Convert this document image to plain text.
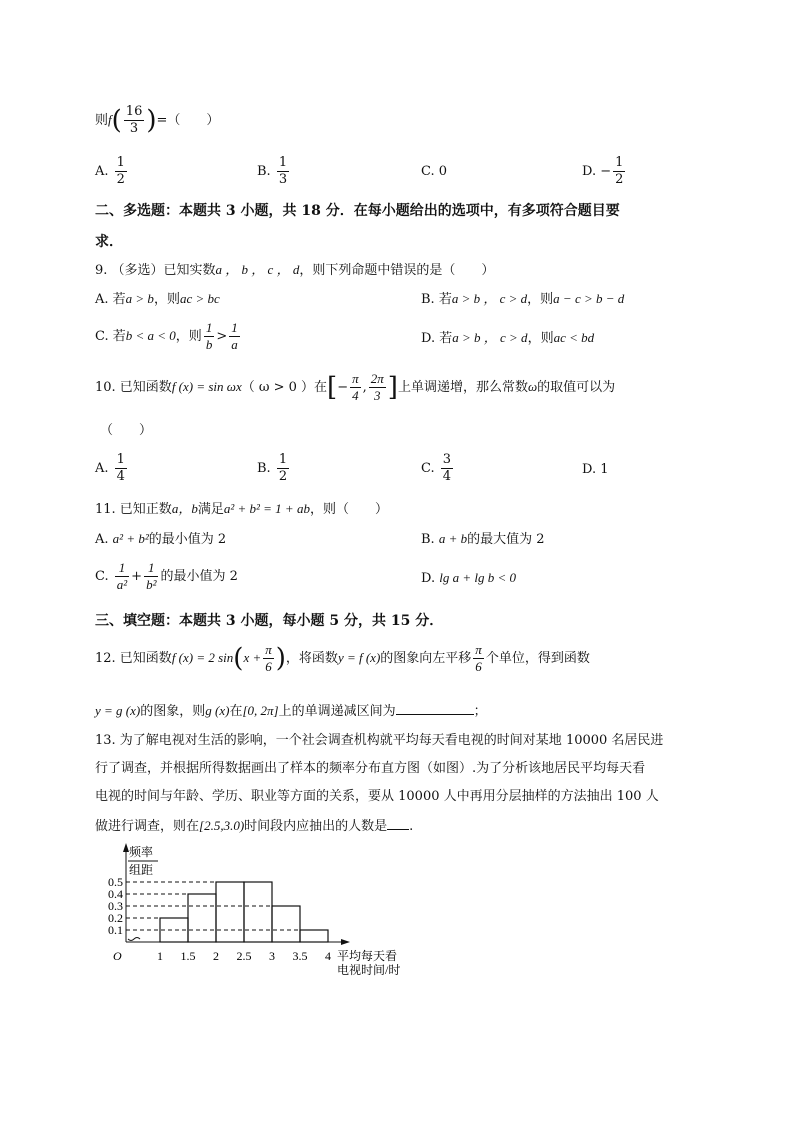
则$f( \frac{16}{3}$ )=（　　）
A. $\frac{1}{2}$	B. $\frac{1}{3}$	C. 0	D. − $\frac{1}{2}$
二、多选题：本题共 3 小题，共 18 分．在每小题给出的选项中，有多项符合题目要
求．
9. （多选）已知实数a ， b ， c ， d，则下列命题中错误的是（　　）
A. 若a > b，则ac > bc	B. 若a > b ， c > d，则a − c > b − d
C. 若b < a < 0，则 $\frac{1}{b} > \frac{1}{a}$	D. 若a > b ， c > d，则ac < bd
10. 已知函数f (x) = sin ωx（ ω > 0 ）在[− $\frac{\pi}{4}$ , $\frac{2\pi}{3}$ ]上单调递增，那么常数ω的取值可以为
（　　）
A. $\frac{1}{4}$	B. $\frac{1}{2}$	C. $\frac{3}{4}$	D. 1
11. 已知正数a，b满足a² + b² = 1 + ab，则（　　）
A. a² + b²的最小值为 2	B. a + b的最大值为 2
C. $\frac{1}{\text{a²}} + \frac{1}{\text{b²}}$ 的最小值为 2	D. lg a + lg b < 0
三、填空题：本题共 3 小题，每小题 5 分，共 15 分．
12. 已知函数f (x) = 2 $\sin(x + \frac{\pi}{6}$ )，将函数y = f (x)的图象向左平移 $\frac{\pi}{6}$ 个单位，得到函数
y = g (x)的图象，则g (x)在[0, 2π]上的单调递减区间为	；
13. 为了解电视对生活的影响，一个社会调查机构就平均每天看电视的时间对某地 10000 名居民进
行了调查，并根据所得数据画出了样本的频率分布直方图（如图）.为了分析该地居民平均每天看
电视的时间与年龄、学历、职业等方面的关系，要从 10000 人中再用分层抽样的方法抽出 100 人
做进行调查，则在[2.5,3.0)时间段内应抽出的人数是 .
频率
组距
O	平均每天看
电视时间/时
0.1
0.2
0.3
0.4
0.5
1 1.5 2 2.5 3 3.5 4
